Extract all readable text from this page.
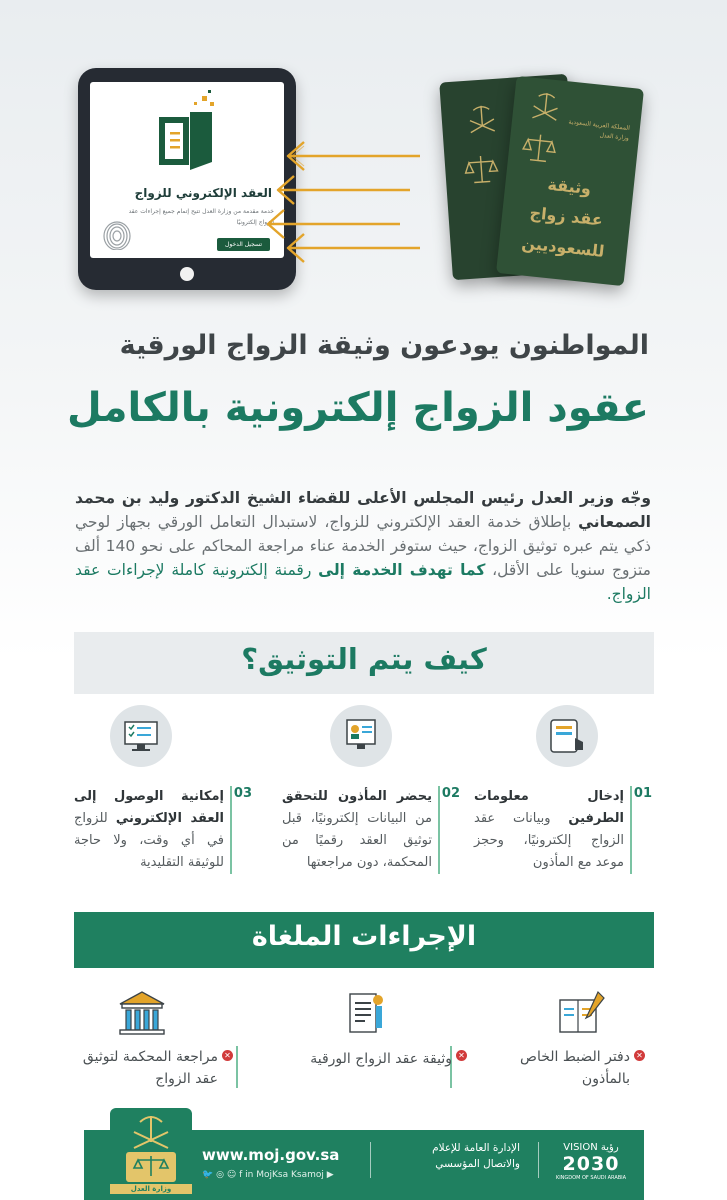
العقد الإلكتروني للزواج
خدمة مقدمة من وزارة العدل تتيح إتمام جميع إجراءات عقد الزواج إلكترونيًا
تسجيل الدخول
المملكة العربية السعودية
وزارة العدل
وثيقة
عقد زواج
للسعوديين
المواطنون يودعون وثيقة الزواج الورقية
عقود الزواج إلكترونية بالكامل
وجّه وزير العدل رئيس المجلس الأعلى للقضاء الشيخ الدكتور وليد بن محمد الصمعاني بإطلاق خدمة العقد الإلكتروني للزواج، لاستبدال التعامل الورقي بجهاز لوحي ذكي يتم عبره توثيق الزواج، حيث ستوفر الخدمة عناء مراجعة المحاكم على نحو 140 ألف متزوج سنويا على الأقل، كما تهدف الخدمة إلى رقمنة إلكترونية كاملة لإجراءات عقد الزواج.
كيف يتم التوثيق؟
01
إدخال معلومات الطرفين وبيانات عقد الزواج إلكترونيًا، وحجز موعد مع المأذون
02
يحضر المأذون للتحقق من البيانات إلكترونيًا، قبل توثيق العقد رقميًا من المحكمة، دون مراجعتها
03
إمكانية الوصول إلى العقد الإلكتروني للزواج في أي وقت، ولا حاجة للوثيقة التقليدية
الإجراءات الملغاة
✕
دفتر الضبط الخاص بالمأذون
✕
وثيقة عقد الزواج الورقية
✕
مراجعة المحكمة لتوثيق عقد الزواج
وزارة العدل
www.moj.gov.sa
🐦 ◎ ☺ f in MojKsa Ksamoj ▶
الإدارة العامة للإعلام
والاتصال المؤسسي
VISION رؤية
2030
KINGDOM OF SAUDI ARABIA
